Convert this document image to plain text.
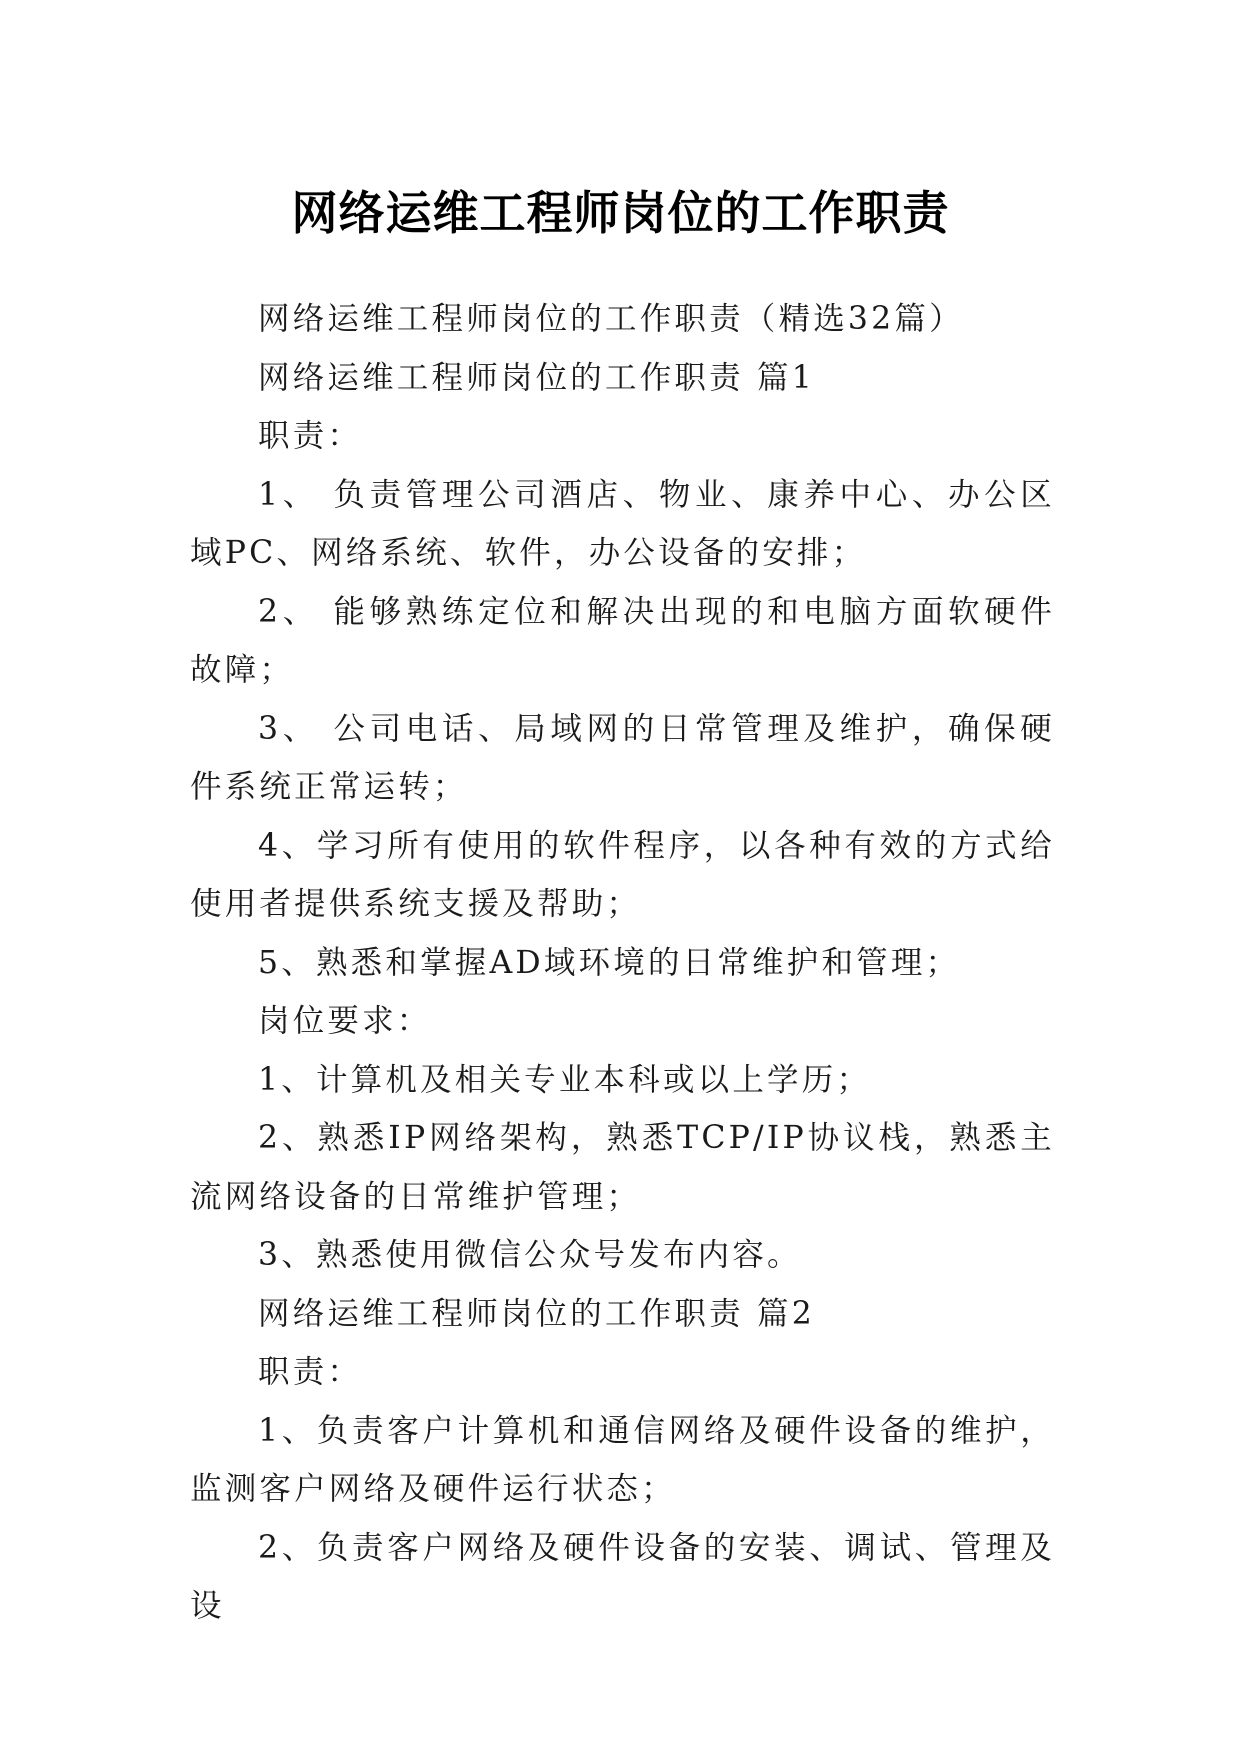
网络运维工程师岗位的工作职责

网络运维工程师岗位的工作职责（精选32篇）

网络运维工程师岗位的工作职责 篇1

职责：

1、 负责管理公司酒店、物业、康养中心、办公区域PC、网络系统、软件，办公设备的安排；

2、 能够熟练定位和解决出现的和电脑方面软硬件故障；

3、 公司电话、局域网的日常管理及维护，确保硬件系统正常运转；

4、学习所有使用的软件程序，以各种有效的方式给使用者提供系统支援及帮助；

5、熟悉和掌握AD域环境的日常维护和管理；

岗位要求：

1、计算机及相关专业本科或以上学历；

2、熟悉IP网络架构，熟悉TCP/IP协议栈，熟悉主流网络设备的日常维护管理；

3、熟悉使用微信公众号发布内容。

网络运维工程师岗位的工作职责 篇2

职责：

1、负责客户计算机和通信网络及硬件设备的维护，监测客户网络及硬件运行状态；

2、负责客户网络及硬件设备的安装、调试、管理及设
